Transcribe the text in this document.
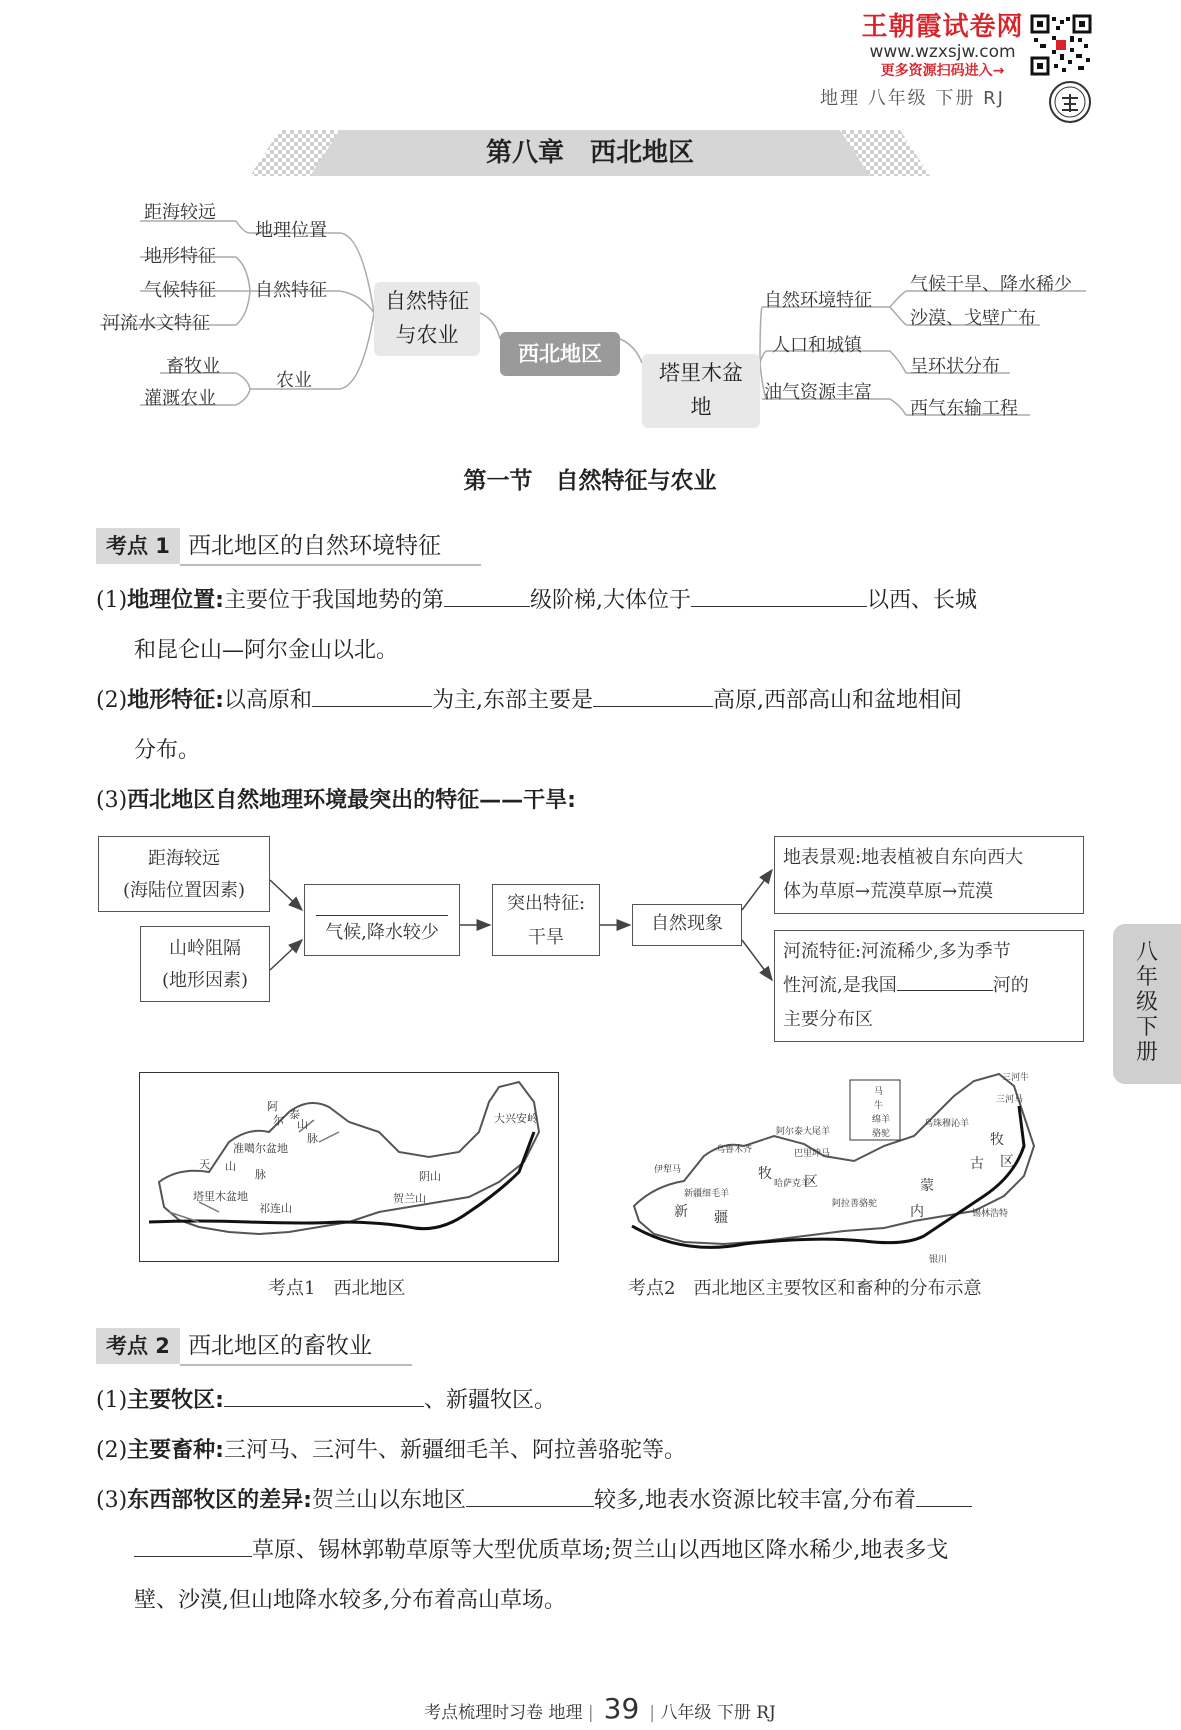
王朝霞试卷网
www.wzxsjw.com
更多资源扫码进入→
地理 八年级 下册 RJ
第八章　西北地区
距海较远
地理位置
地形特征
自然特征
气候特征
河流水文特征
畜牧业
农业
灌溉农业
自然特征与农业
西北地区
塔里木盆地
自然环境特征
人口和城镇
油气资源丰富
气候干旱、降水稀少
沙漠、戈壁广布
呈环状分布
西气东输工程
第一节　自然特征与农业
考点 1 西北地区的自然环境特征
(1)地理位置:主要位于我国地势的第	级阶梯,大体位于	以西、长城
和昆仑山—阿尔金山以北。
(2)地形特征:以高原和	为主,东部主要是	高原,西部高山和盆地相间
分布。
(3)西北地区自然地理环境最突出的特征——干旱:
距海较远
(海陆位置因素)
山岭阻隔
(地形因素)
气候,降水较少
突出特征:
干旱
自然现象
地表景观:地表植被自东向西大
体为草原→荒漠草原→荒漠
河流特征:河流稀少,多为季节
性河流,是我国	河的
主要分布区
阿
尔 泰
山
脉
准噶尔盆地
天 山
脉
塔里木盆地
祁连山
贺兰山
阴山
大兴安岭
考点1　西北地区
马
牛
绵羊
骆驼
三河牛
三河马
乌珠穆沁羊
阿尔泰大尾羊
新疆细毛羊
伊犁马
巴里坤马
哈萨克羊
阿拉善骆驼
锡林浩特
银川
乌鲁木齐
牧 区
新 疆	内
蒙
古
牧
区
考点2　西北地区主要牧区和畜种的分布示意
八
年
级
下
册
考点 2 西北地区的畜牧业
(1)主要牧区:	、新疆牧区。
(2)主要畜种:三河马、三河牛、新疆细毛羊、阿拉善骆驼等。
(3)东西部牧区的差异:贺兰山以东地区	较多,地表水资源比较丰富,分布着
草原、锡林郭勒草原等大型优质草场;贺兰山以西地区降水稀少,地表多戈
壁、沙漠,但山地降水较多,分布着高山草场。
考点梳理时习卷 地理 | 39 | 八年级 下册 RJ
